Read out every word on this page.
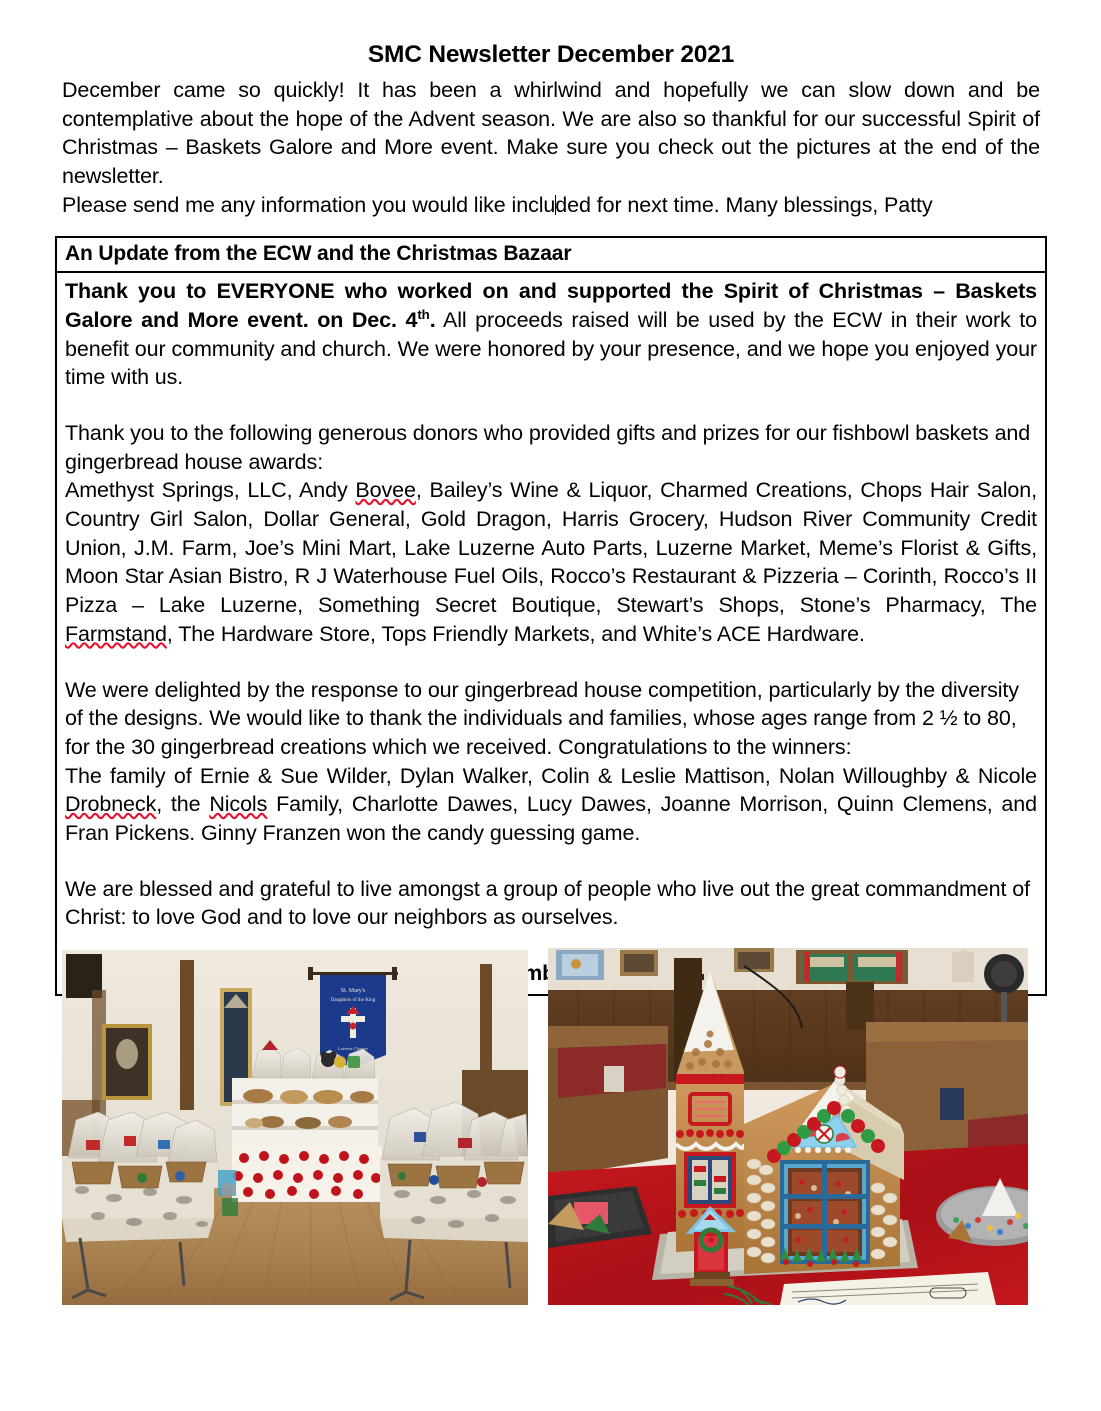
SMC Newsletter December 2021

December came so quickly! It has been a whirlwind and hopefully we can slow down and be contemplative about the hope of the Advent season. We are also so thankful for our successful Spirit of Christmas – Baskets Galore and More event. Make sure you check out the pictures at the end of the newsletter.

Please send me any information you would like included for next time. Many blessings, Patty

An Update from the ECW and the Christmas Bazaar

Thank you to EVERYONE who worked on and supported the Spirit of Christmas – Baskets Galore and More event. on Dec. 4th. All proceeds raised will be used by the ECW in their work to benefit our community and church. We were honored by your presence, and we hope you enjoyed your time with us.

Thank you to the following generous donors who provided gifts and prizes for our fishbowl baskets and gingerbread house awards:

Amethyst Springs, LLC, Andy Bovee, Bailey’s Wine & Liquor, Charmed Creations, Chops Hair Salon, Country Girl Salon, Dollar General, Gold Dragon, Harris Grocery, Hudson River Community Credit Union, J.M. Farm, Joe’s Mini Mart, Lake Luzerne Auto Parts, Luzerne Market, Meme’s Florist & Gifts, Moon Star Asian Bistro, R J Waterhouse Fuel Oils, Rocco’s Restaurant & Pizzeria – Corinth, Rocco’s II Pizza – Lake Luzerne, Something Secret Boutique, Stewart’s Shops, Stone’s Pharmacy, The Farmstand, The Hardware Store, Tops Friendly Markets, and White’s ACE Hardware.

We were delighted by the response to our gingerbread house competition, particularly by the diversity of the designs. We would like to thank the individuals and families, whose ages range from 2 ½ to 80, for the 30 gingerbread creations which we received. Congratulations to the winners:

The family of Ernie & Sue Wilder, Dylan Walker, Colin & Leslie Mattison, Nolan Willoughby & Nicole Drobneck, the Nicols Family, Charlotte Dawes, Lucy Dawes, Joanne Morrison, Quinn Clemens, and Fran Pickens. Ginny Franzen won the candy guessing game.

We are blessed and grateful to live amongst a group of people who live out the great commandment of Christ: to love God and to love our neighbors as ourselves.

St. Mary's
Daughters of the King
Luzerne Chapter
